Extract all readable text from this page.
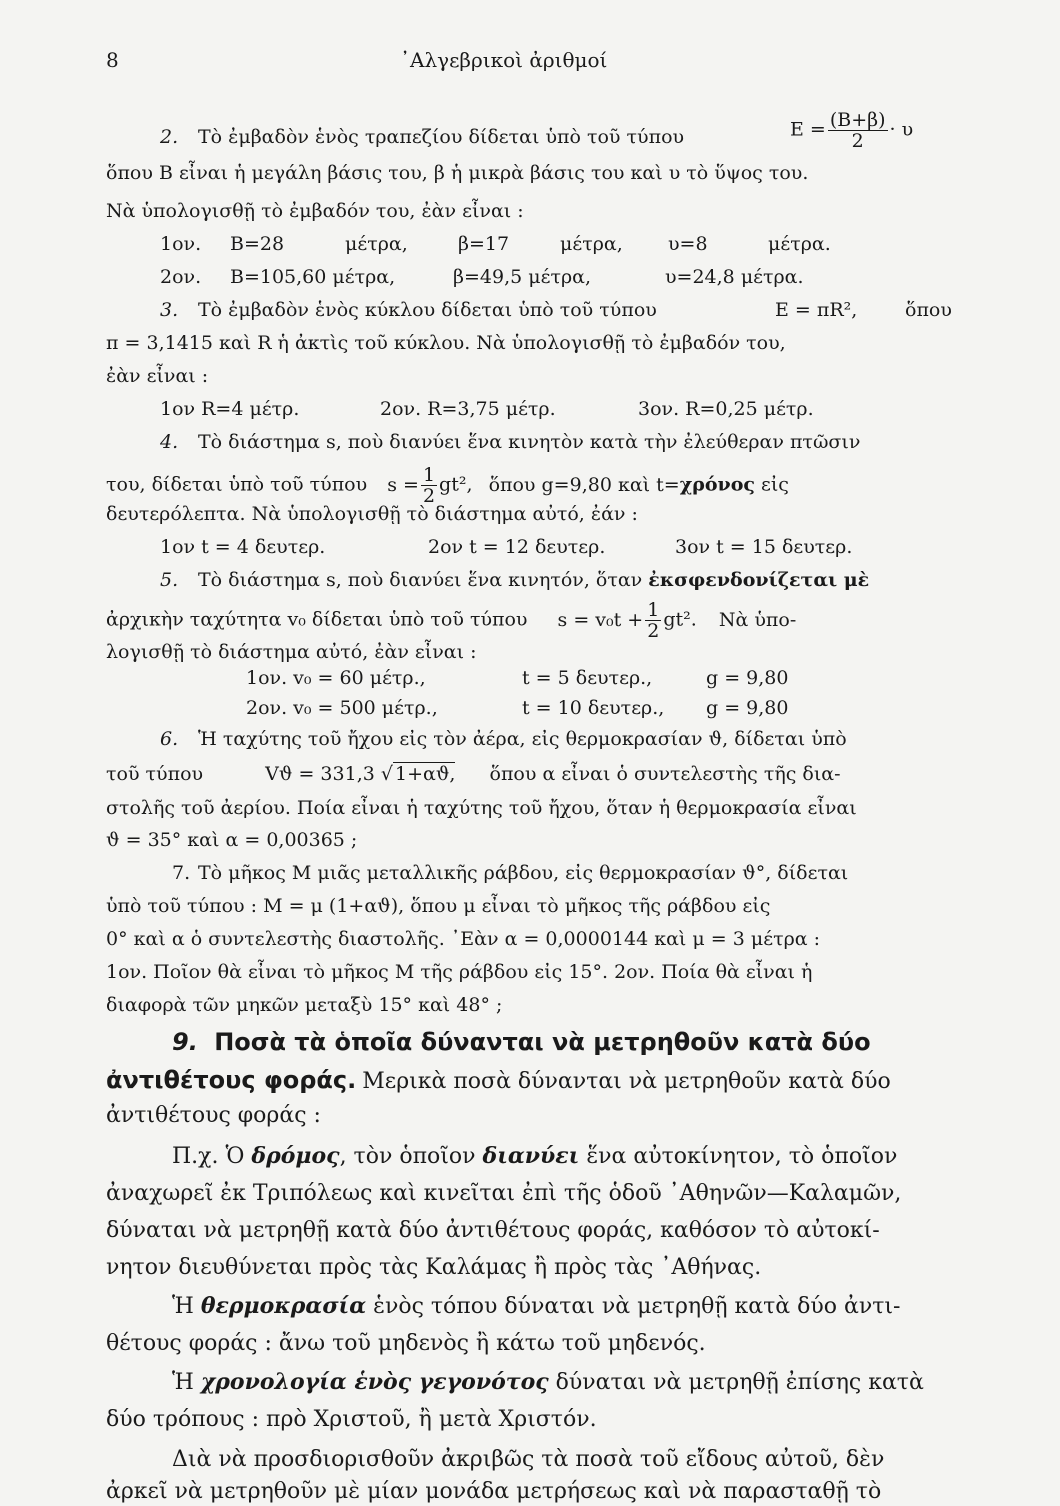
8	᾿Αλγεβρικοὶ ἀριθμοί
2. Τὸ ἐμβαδὸν ἑνὸς τραπεζίου δίδεται ὑπὸ τοῦ τύπου	$E = \frac{(B+\beta)}{2} \cdot \upsilon$
ὅπου B εἶναι ἡ μεγάλη βάσις του, β ἡ μικρὰ βάσις του καὶ υ τὸ ὕψος του.
Νὰ ὑπολογισθῇ τὸ ἐμβαδόν του, ἐὰν εἶναι :
1ον. B=28	μέτρα,	β=17	μέτρα, υ=8	μέτρα.
2ον. B=105,60 μέτρα,	β=49,5 μέτρα,	υ=24,8 μέτρα.
3. Τὸ ἐμβαδὸν ἑνὸς κύκλου δίδεται ὑπὸ τοῦ τύπου	E = πR²,	ὅπου
π = 3,1415 καὶ R ἡ ἀκτὶς τοῦ κύκλου. Νὰ ὑπολογισθῇ τὸ ἐμβαδόν του,
ἐὰν εἶναι :
1ον R=4 μέτρ.	2ον. R=3,75 μέτρ.	3ον. R=0,25 μέτρ.
4. Τὸ διάστημα s, ποὺ διανύει ἕνα κινητὸν κατὰ τὴν ἐλεύθεραν πτῶσιν
του, δίδεται ὑπὸ τοῦ τύπου $s = \frac{1}{2} gt^2$, ὅπου g=9,80 καὶ t=χρόνος εἰς
δευτερόλεπτα. Νὰ ὑπολογισθῇ τὸ διάστημα αὐτό, ἐάν :
1ον t = 4 δευτερ.	2ον t = 12 δευτερ.	3ον t = 15 δευτερ.
5. Τὸ διάστημα s, ποὺ διανύει ἕνα κινητόν, ὅταν ἐκσφενδονίζεται μὲ
ἀρχικὴν ταχύτητα v₀ δίδεται ὑπὸ τοῦ τύπου $s = v_0t + \frac{1}{2} gt^2$. Νὰ ὑπο-
λογισθῇ τὸ διάστημα αὐτό, ἐὰν εἶναι :
1ον. v₀ = 60 μέτρ.,	t = 5 δευτερ.,	g = 9,80
2ον. v₀ = 500 μέτρ.,	t = 10 δευτερ., g = 9,80
6. Ἡ ταχύτης τοῦ ἤχου εἰς τὸν ἀέρα, εἰς θερμοκρασίαν ϑ, δίδεται ὑπὸ
τοῦ τύπου	Vϑ = 331,3 √ 1+αϑ, ὅπου α εἶναι ὁ συντελεστὴς τῆς δια-
στολῆς τοῦ ἀερίου. Ποία εἶναι ἡ ταχύτης τοῦ ἤχου, ὅταν ἡ θερμοκρασία εἶναι
ϑ = 35° καὶ α = 0,00365 ;
7. Τὸ μῆκος M μιᾶς μεταλλικῆς ράβδου, εἰς θερμοκρασίαν ϑ°, δίδεται
ὑπὸ τοῦ τύπου : M = μ (1+αϑ), ὅπου μ εἶναι τὸ μῆκος τῆς ράβδου εἰς
0° καὶ α ὁ συντελεστὴς διαστολῆς. ᾿Εὰν α = 0,0000144 καὶ μ = 3 μέτρα :
1ον. Ποῖον θὰ εἶναι τὸ μῆκος M τῆς ράβδου εἰς 15°. 2ον. Ποία θὰ εἶναι ἡ
διαφορὰ τῶν μηκῶν μεταξὺ 15° καὶ 48° ;
9. Ποσὰ τὰ ὁποῖα δύνανται νὰ μετρηθοῦν κατὰ δύο
ἀντιθέτους φοράς. Μερικὰ ποσὰ δύνανται νὰ μετρηθοῦν κατὰ δύο
ἀντιθέτους φοράς :
Π.χ. Ὁ δρόμος, τὸν ὁποῖον διανύει ἕνα αὐτοκίνητον, τὸ ὁποῖον
ἀναχωρεῖ ἐκ Τριπόλεως καὶ κινεῖται ἐπὶ τῆς ὁδοῦ ᾿Αθηνῶν—Καλαμῶν,
δύναται νὰ μετρηθῇ κατὰ δύο ἀντιθέτους φοράς, καθόσον τὸ αὐτοκί-
νητον διευθύνεται πρὸς τὰς Καλάμας ἢ πρὸς τὰς ᾿Αθήνας.
Ἡ θερμοκρασία ἑνὸς τόπου δύναται νὰ μετρηθῇ κατὰ δύο ἀντι-
θέτους φοράς : ἄνω τοῦ μηδενὸς ἢ κάτω τοῦ μηδενός.
Ἡ χρονολογία ἑνὸς γεγονότος δύναται νὰ μετρηθῇ ἐπίσης κατὰ
δύο τρόπους : πρὸ Χριστοῦ, ἢ μετὰ Χριστόν.
Διὰ νὰ προσδιορισθοῦν ἀκριβῶς τὰ ποσὰ τοῦ εἴδους αὐτοῦ, δὲν
ἀρκεῖ νὰ μετρηθοῦν μὲ μίαν μονάδα μετρήσεως καὶ νὰ παρασταθῇ τὸ
